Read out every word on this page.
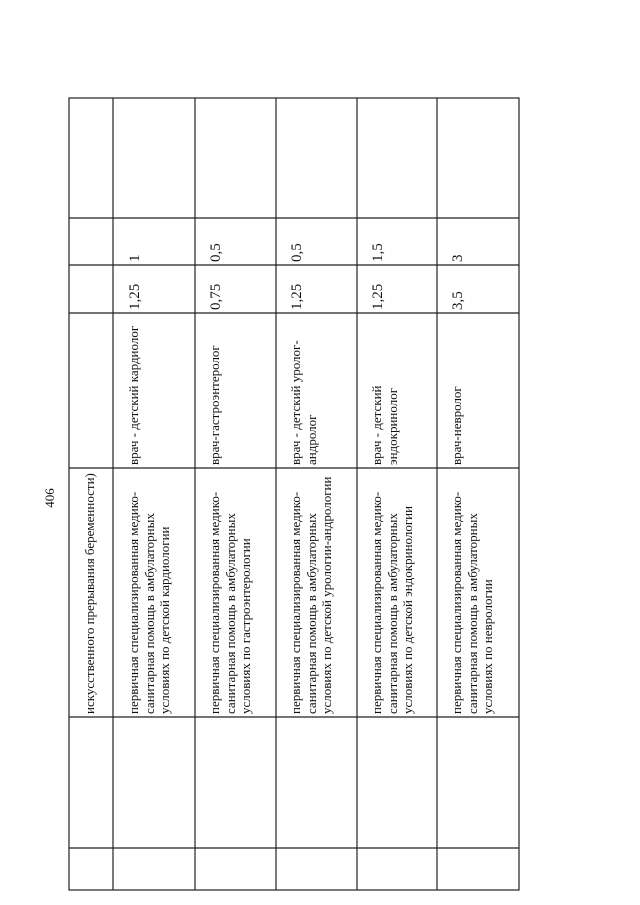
406 искусственного прерывания беременности)	первичная специализированная медико-санитарная помощь в амбулаторных условиях по детской кардиологии
врач - детский кардиолог
1,25
1
первичная специализированная медико-санитарная помощь в амбулаторных условиях по гастроэнтерологии
врач-гастроэнтеролог
0,75
0,5
первичная специализированная медико-санитарная помощь в амбулаторных условиях по детской урологии-андрологии
врач - детский уролог-андролог
1,25
0,5
первичная специализированная медико-санитарная помощь в амбулаторных условиях по детской эндокринологии
врач - детский эндокринолог
1,25
1,5
первичная специализированная медико-санитарная помощь в амбулаторных условиях по неврологии
врач-невролог
3,5
3
